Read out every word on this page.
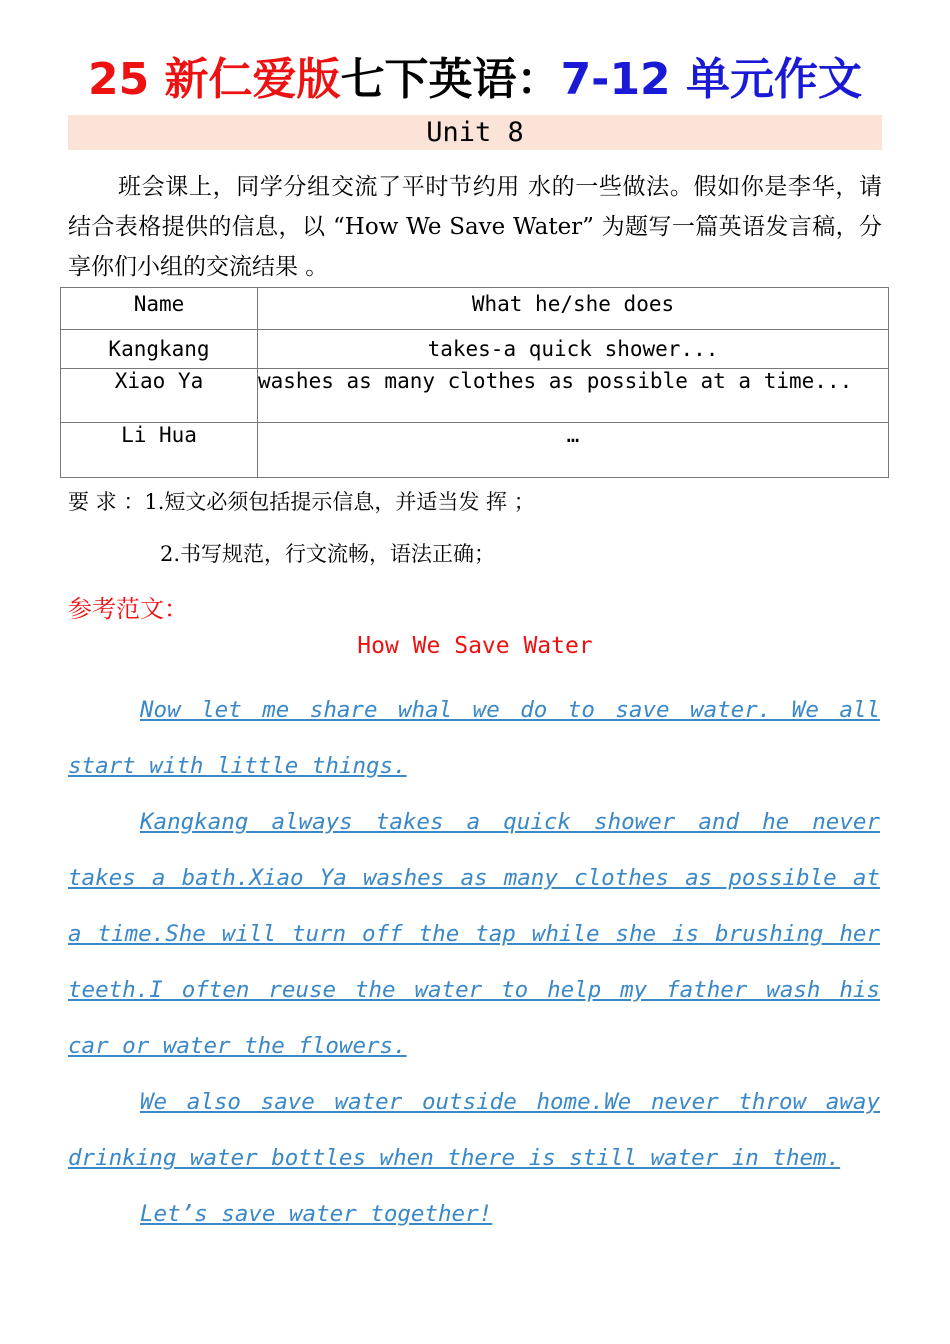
25 新仁爱版七下英语：7-12 单元作文
Unit 8

班会课上，同学分组交流了平时节约用 水的一些做法。假如你是李华，请结合表格提供的信息，以 “How We Save Water” 为题写一篇英语发言稿，分享你们小组的交流结果 。

Name	What he/she does
Kangkang	takes-a quick shower...
Xiao Ya	washes as many clothes as possible at a time...
Li Hua	…
要 求 ：1.短文必须包括提示信息，并适当发 挥 ；
2.书写规范，行文流畅，语法正确；
参考范文：
How We Save Water

Now let me share whal we do to save water. We all start with little things.

Kangkang always takes a quick shower and he never takes a bath.Xiao Ya washes as many clothes as possible at a time.She will turn off the tap while she is brushing her teeth.I often reuse the water to help my father wash his car or water the flowers.

We also save water outside home.We never throw away drinking water bottles when there is still water in them.

Let’s save water together!
